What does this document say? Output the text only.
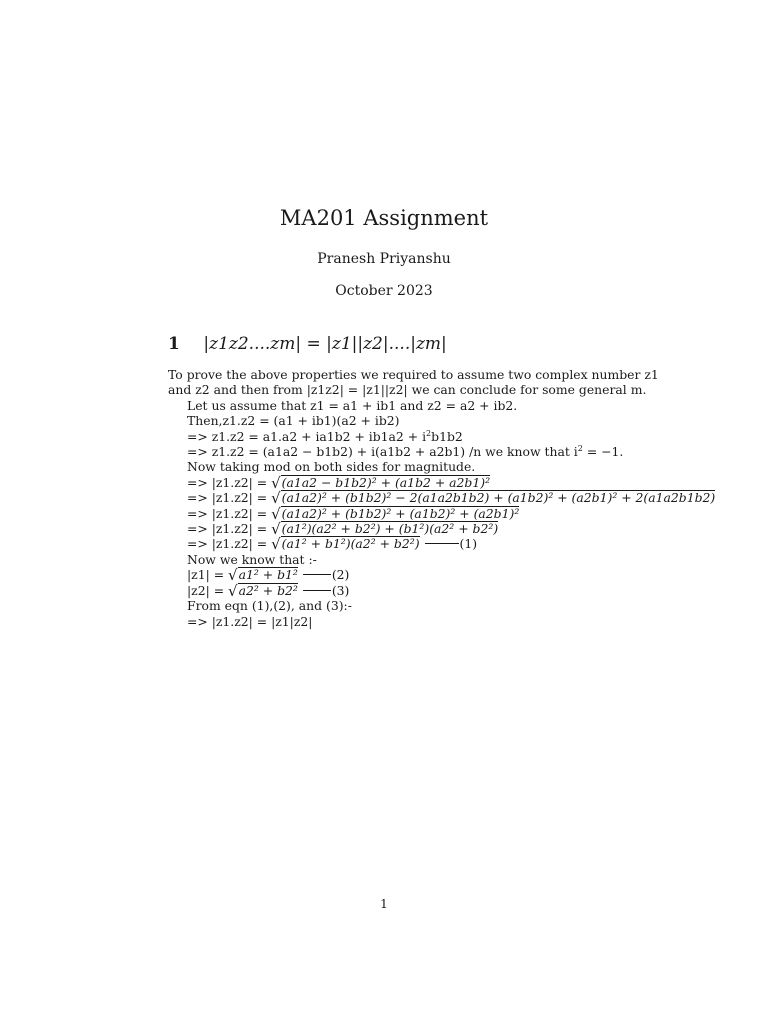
MA201 Assignment
Pranesh Priyanshu
October 2023
1 |z1z2....zm| = |z1||z2|....|zm|

To prove the above properties we required to assume two complex number z1
and z2 and then from |z1z2| = |z1||z2| we can conclude for some general m.

Let us assume that z1 = a1 + ib1 and z2 = a2 + ib2.
Then,z1.z2 = (a1 + ib1)(a2 + ib2)
=> $z1.z2 = a1.a2 + ia1b2 + ib1a2 + i^2b1b2$
=> z1.z2 = (a1a2 − b1b2) + i(a1b2 + a2b1) /n we know that $i^2 = -1$.
Now taking mod on both sides for magnitude.
=> |z1.z2| = √(a1a2 − b1b2)² + (a1b2 + a2b1)²
=> |z1.z2| = √(a1a2)² + (b1b2)² − 2(a1a2b1b2) + (a1b2)² + (a2b1)² + 2(a1a2b1b2)
=> |z1.z2| = √(a1a2)² + (b1b2)² + (a1b2)² + (a2b1)²
=> |z1.z2| = √(a1²)(a2² + b2²) + (b1²)(a2² + b2²)
=> |z1.z2| = √(a1² + b1²)(a2² + b2²)	(1)
Now we know that :-
|z1| = √a1² + b1²	(2)
|z2| = √a2² + b2²	(3)
From eqn (1),(2), and (3):-
=> |z1.z2| = |z1|z2|
1
